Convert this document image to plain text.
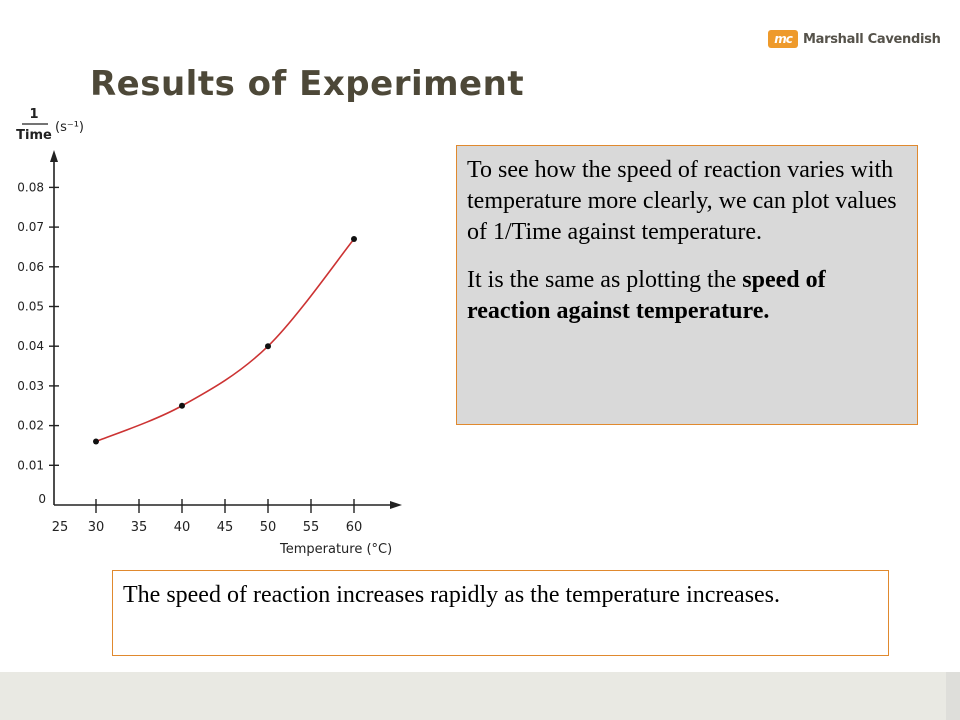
mc Marshall Cavendish
Results of Experiment
0
0.01
0.02
0.03
0.04
0.05
0.06
0.07
0.08
25 30 35 40 45 50 55 60
1
Time
(s⁻¹)
Temperature (°C)

To see how the speed of reaction varies with temperature more clearly, we can plot values of 1/Time against temperature.

It is the same as plotting the speed of reaction against temperature.

The speed of reaction increases rapidly as the temperature increases.
